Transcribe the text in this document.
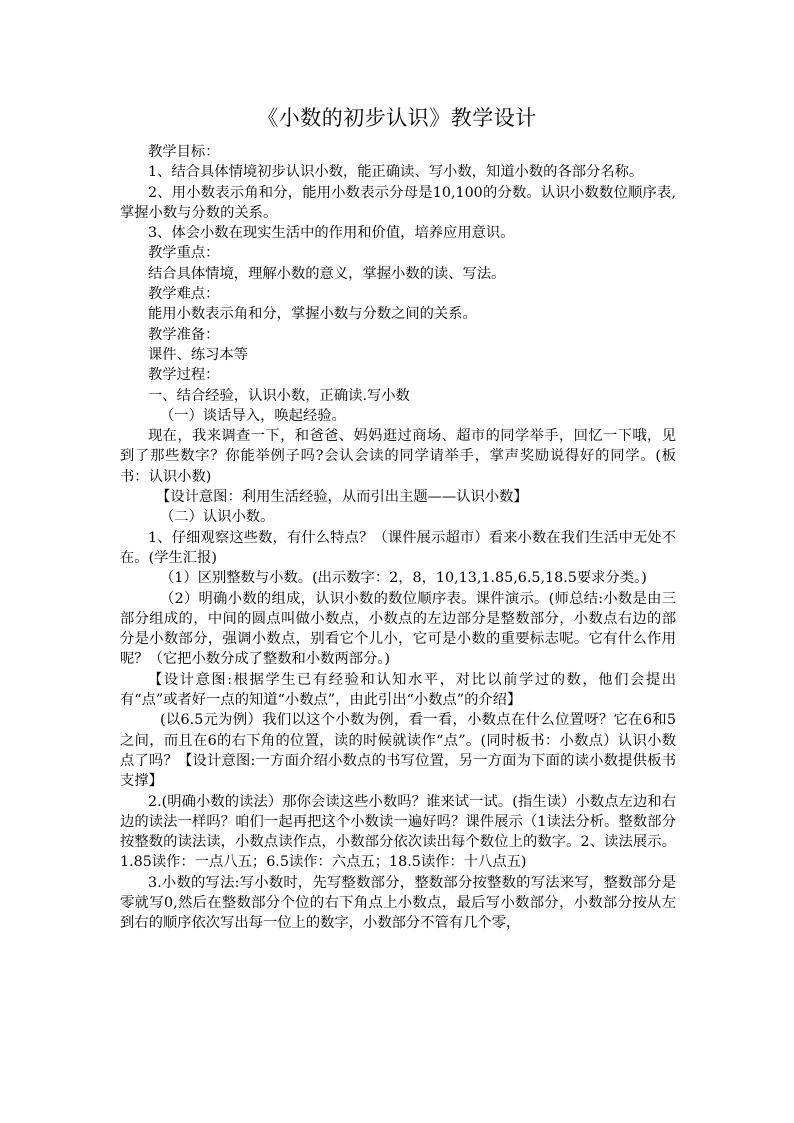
《小数的初步认识》教学设计

教学目标：

1、结合具体情境初步认识小数，能正确读、写小数，知道小数的各部分名称。

2、用小数表示角和分，能用小数表示分母是10,100的分数。认识小数数位顺序表,掌握小数与分数的关系。

3、体会小数在现实生活中的作用和价值，培养应用意识。

教学重点：

结合具体情境，理解小数的意义，掌握小数的读、写法。

教学难点：

能用小数表示角和分，掌握小数与分数之间的关系。

教学准备：

课件、练习本等

教学过程：

一、结合经验，认识小数，正确读.写小数

（一）谈话导入，唤起经验。

现在，我来调查一下，和爸爸、妈妈逛过商场、超市的同学举手，回忆一下哦，见到了那些数字？你能举例子吗?会认会读的同学请举手，掌声奖励说得好的同学。(板书：认识小数)

【设计意图：利用生活经验，从而引出主题——认识小数】

（二）认识小数。

1、仔细观察这些数，有什么特点？（课件展示超市）看来小数在我们生活中无处不在。(学生汇报)

（1）区别整数与小数。(出示数字：2，8，10,13,1.85,6.5,18.5要求分类。)

（2）明确小数的组成，认识小数的数位顺序表。课件演示。(师总结:小数是由三部分组成的，中间的圆点叫做小数点，小数点的左边部分是整数部分，小数点右边的部分是小数部分，强调小数点，别看它个儿小，它可是小数的重要标志呢。它有什么作用呢？（它把小数分成了整数和小数两部分。)

【设计意图:根据学生已有经验和认知水平，对比以前学过的数，他们会提出有“点”或者好一点的知道“小数点”，由此引出“小数点”的介绍】

(以6.5元为例）我们以这个小数为例，看一看，小数点在什么位置呀？它在6和5之间，而且在6的右下角的位置，读的时候就读作“点”。(同时板书：小数点）认识小数点了吗？【设计意图:一方面介绍小数点的书写位置，另一方面为下面的读小数提供板书支撑】

2.(明确小数的读法）那你会读这些小数吗？谁来试一试。(指生读）小数点左边和右边的读法一样吗？咱们一起再把这个小数读一遍好吗？课件展示（1读法分析。整数部分按整数的读法读，小数点读作点，小数部分依次读出每个数位上的数字。2、读法展示。1.85读作：一点八五；6.5读作：六点五；18.5读作：十八点五)

3.小数的写法:写小数时，先写整数部分，整数部分按整数的写法来写，整数部分是零就写0,然后在整数部分个位的右下角点上小数点，最后写小数部分，小数部分按从左到右的顺序依次写出每一位上的数字，小数部分不管有几个零，
